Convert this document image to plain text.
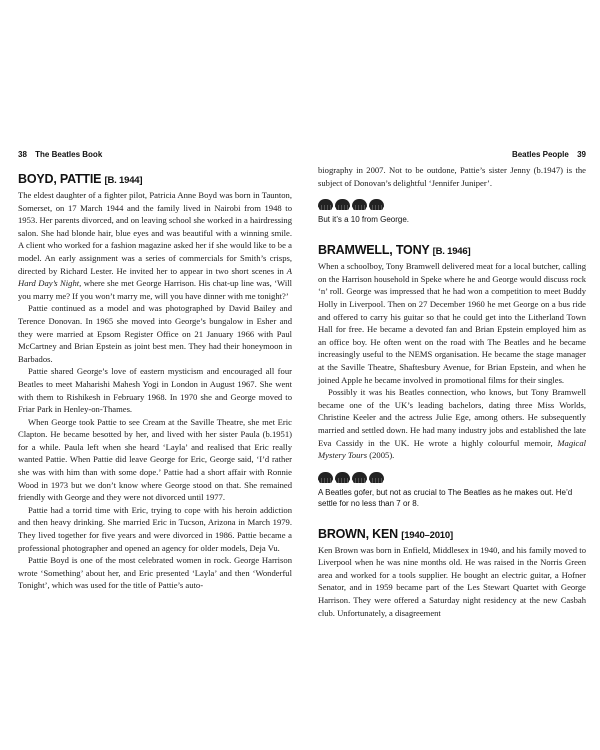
38 The Beatles Book	Beatles People 39
BOYD, PATTIE [B. 1944]

The eldest daughter of a fighter pilot, Patricia Anne Boyd was born in Taunton, Somerset, on 17 March 1944 and the family lived in Nairobi from 1948 to 1953. Her parents divorced, and on leaving school she worked in a hairdressing salon. She had blonde hair, blue eyes and was beautiful with a winning smile. A client who worked for a fashion magazine asked her if she would like to be a model. An early assignment was a series of commercials for Smith’s crisps, directed by Richard Lester. He invited her to appear in two short scenes in A Hard Day’s Night, where she met George Harrison. His chat-up line was, ‘Will you marry me? If you won’t marry me, will you have dinner with me tonight?’

Pattie continued as a model and was photographed by David Bailey and Terence Donovan. In 1965 she moved into George’s bungalow in Esher and they were married at Epsom Register Office on 21 January 1966 with Paul McCartney and Brian Epstein as joint best men. They had their honeymoon in Barbados.

Pattie shared George’s love of eastern mysticism and encouraged all four Beatles to meet Maharishi Mahesh Yogi in London in August 1967. She went with them to Rishikesh in February 1968. In 1970 she and George moved to Friar Park in Henley-on-Thames.

When George took Pattie to see Cream at the Saville Theatre, she met Eric Clapton. He became besotted by her, and lived with her sister Paula (b.1951) for a while. Paula left when she heard ‘Layla’ and realised that Eric really wanted Pattie. When Pattie did leave George for Eric, George said, ‘I’d rather she was with him than with some dope.’ Pattie had a short affair with Ronnie Wood in 1973 but we don’t know where George stood on that. She remained friendly with George and they were not divorced until 1977.

Pattie had a torrid time with Eric, trying to cope with his heroin addiction and then heavy drinking. She married Eric in Tucson, Arizona in March 1979. They lived together for five years and were divorced in 1986. Pattie became a professional photographer and opened an agency for older models, Deja Vu.

Pattie Boyd is one of the most celebrated women in rock. George Harrison wrote ‘Something’ about her, and Eric presented ‘Layla’ and then ‘Wonderful Tonight’, which was used for the title of Pattie’s auto-

biography in 2007. Not to be outdone, Pattie’s sister Jenny (b.1947) is the subject of Donovan’s delightful ‘Jennifer Juniper’.

But it’s a 10 from George.

BRAMWELL, TONY [B. 1946]

When a schoolboy, Tony Bramwell delivered meat for a local butcher, calling on the Harrison household in Speke where he and George would discuss rock ‘n’ roll. George was impressed that he had won a competition to meet Buddy Holly in Liverpool. Then on 27 December 1960 he met George on a bus ride and offered to carry his guitar so that he could get into the Litherland Town Hall for free. He became a devoted fan and Brian Epstein employed him as an office boy. He often went on the road with The Beatles and he became increasingly useful to the NEMS organisation. He became the stage manager at the Saville Theatre, Shaftesbury Avenue, for Brian Epstein, and when he joined Apple he became involved in promotional films for their singles.

Possibly it was his Beatles connection, who knows, but Tony Bramwell became one of the UK’s leading bachelors, dating three Miss Worlds, Christine Keeler and the actress Julie Ege, among others. He subsequently married and settled down. He had many industry jobs and established the late Eva Cassidy in the UK. He wrote a highly colourful memoir, Magical Mystery Tours (2005).

A Beatles gofer, but not as crucial to The Beatles as he makes out. He’d settle for no less than 7 or 8.

BROWN, KEN [1940–2010]

Ken Brown was born in Enfield, Middlesex in 1940, and his family moved to Liverpool when he was nine months old. He was raised in the Norris Green area and worked for a tools supplier. He bought an electric guitar, a Hofner Senator, and in 1959 became part of the Les Stewart Quartet with George Harrison. They were offered a Saturday night residency at the new Casbah club. Unfortunately, a disagreement
